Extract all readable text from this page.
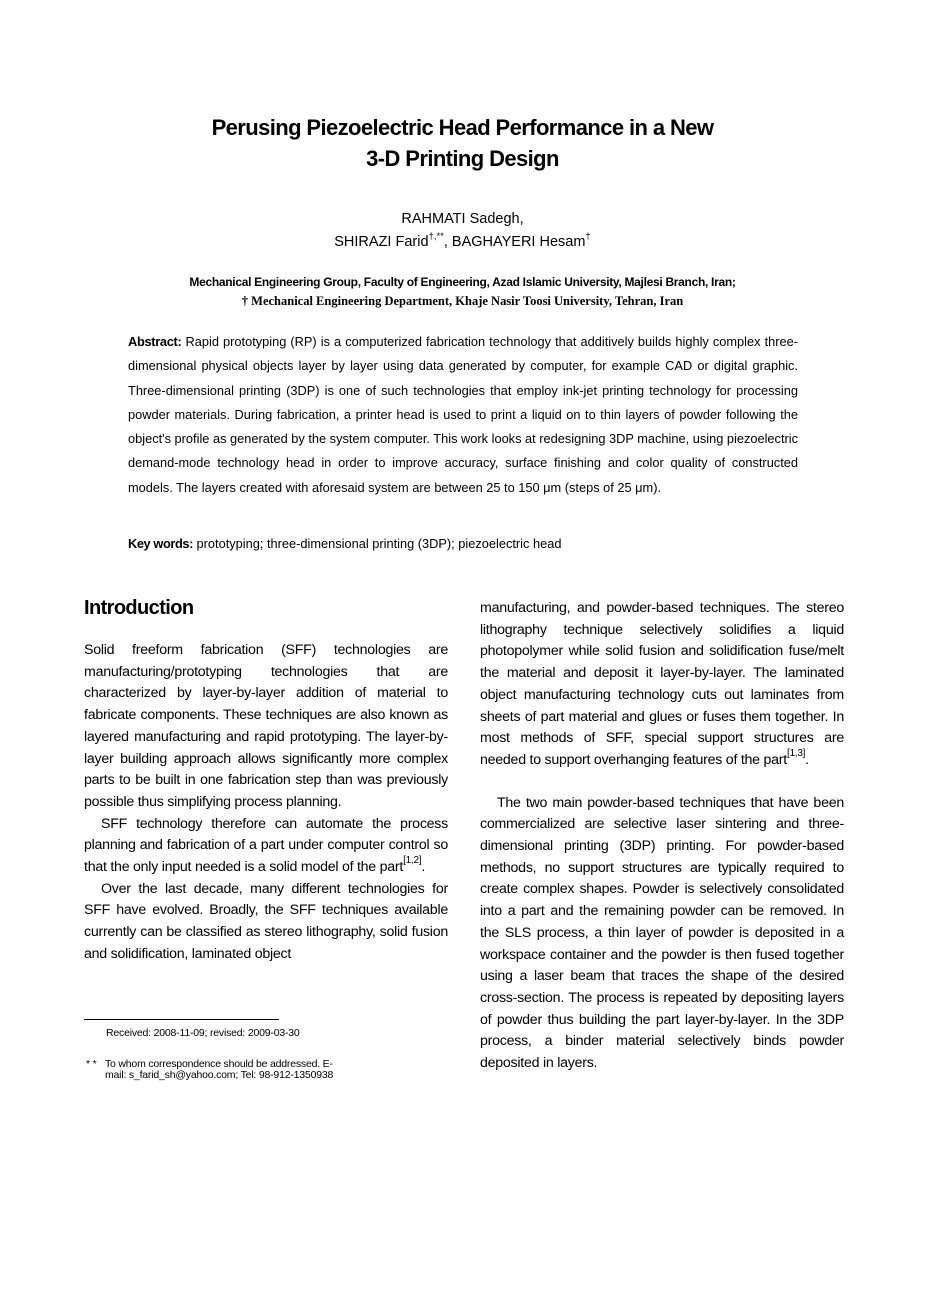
Perusing Piezoelectric Head Performance in a New
3-D Printing Design
RAHMATI Sadegh,
SHIRAZI Farid†,**, BAGHAYERI Hesam†
Mechanical Engineering Group, Faculty of Engineering, Azad Islamic University, Majlesi Branch, Iran;
† Mechanical Engineering Department, Khaje Nasir Toosi University, Tehran, Iran
Abstract: Rapid prototyping (RP) is a computerized fabrication technology that additively builds highly complex three-dimensional physical objects layer by layer using data generated by computer, for example CAD or digital graphic. Three-dimensional printing (3DP) is one of such technologies that employ ink-jet printing technology for processing powder materials. During fabrication, a printer head is used to print a liquid on to thin layers of powder following the object's profile as generated by the system computer. This work looks at redesigning 3DP machine, using piezoelectric demand-mode technology head in order to improve accuracy, surface finishing and color quality of constructed models. The layers created with aforesaid system are between 25 to 150 μm (steps of 25 μm).
Key words: prototyping; three-dimensional printing (3DP); piezoelectric head
Introduction

Solid freeform fabrication (SFF) technologies are manufacturing/prototyping technologies that are characterized by layer-by-layer addition of material to fabricate components. These techniques are also known as layered manufacturing and rapid prototyping. The layer-by-layer building approach allows significantly more complex parts to be built in one fabrication step than was previously possible thus simplifying process planning.

SFF technology therefore can automate the process planning and fabrication of a part under computer control so that the only input needed is a solid model of the part[1,2].

Over the last decade, many different technologies for SFF have evolved. Broadly, the SFF techniques available currently can be classified as stereo lithography, solid fusion and solidification, laminated object

manufacturing, and powder-based techniques. The stereo lithography technique selectively solidifies a liquid photopolymer while solid fusion and solidification fuse/melt the material and deposit it layer-by-layer. The laminated object manufacturing technology cuts out laminates from sheets of part material and glues or fuses them together. In most methods of SFF, special support structures are needed to support overhanging features of the part[1,3].

The two main powder-based techniques that have been commercialized are selective laser sintering and three-dimensional printing (3DP) printing. For powder-based methods, no support structures are typically required to create complex shapes. Powder is selectively consolidated into a part and the remaining powder can be removed. In the SLS process, a thin layer of powder is deposited in a workspace container and the powder is then fused together using a laser beam that traces the shape of the desired cross-section. The process is repeated by depositing layers of powder thus building the part layer-by-layer. In the 3DP process, a binder material selectively binds powder deposited in layers.

Received: 2008-11-09; revised: 2009-03-30
* * To whom correspondence should be addressed. E-
mail: s_farid_sh@yahoo.com; Tel: 98-912-1350938
